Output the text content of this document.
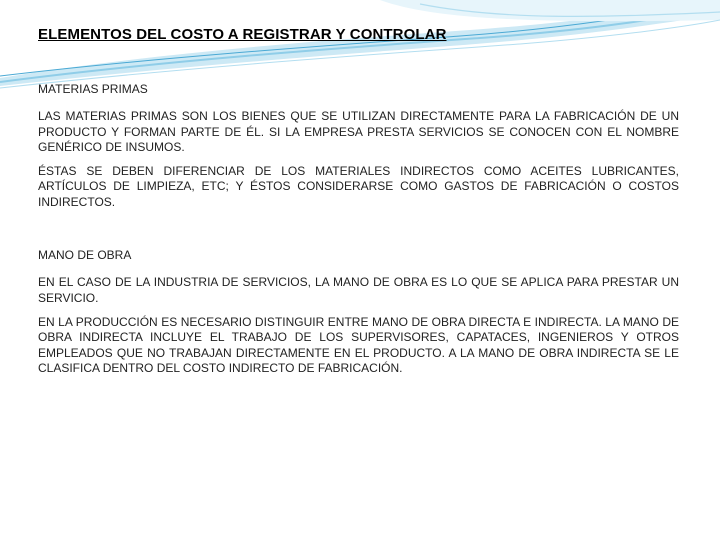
ELEMENTOS DEL COSTO A REGISTRAR Y CONTROLAR

MATERIAS PRIMAS

LAS MATERIAS PRIMAS SON LOS BIENES QUE SE UTILIZAN DIRECTAMENTE PARA LA FABRICACIÓN DE UN PRODUCTO Y FORMAN PARTE DE ÉL. SI LA EMPRESA PRESTA SERVICIOS SE CONOCEN CON EL NOMBRE GENÉRICO DE INSUMOS.

ÉSTAS SE DEBEN DIFERENCIAR DE LOS MATERIALES INDIRECTOS COMO ACEITES LUBRICANTES, ARTÍCULOS DE LIMPIEZA, ETC; Y ÉSTOS CONSIDERARSE COMO GASTOS DE FABRICACIÓN O COSTOS INDIRECTOS.

MANO DE OBRA

EN EL CASO DE LA INDUSTRIA DE SERVICIOS, LA MANO DE OBRA ES LO QUE SE APLICA PARA PRESTAR UN SERVICIO.

EN LA PRODUCCIÓN ES NECESARIO DISTINGUIR ENTRE MANO DE OBRA DIRECTA E INDIRECTA. LA MANO DE OBRA INDIRECTA INCLUYE EL TRABAJO DE LOS SUPERVISORES, CAPATACES, INGENIEROS Y OTROS EMPLEADOS QUE NO TRABAJAN DIRECTAMENTE EN EL PRODUCTO. A LA MANO DE OBRA INDIRECTA SE LE CLASIFICA DENTRO DEL COSTO INDIRECTO DE FABRICACIÓN.
